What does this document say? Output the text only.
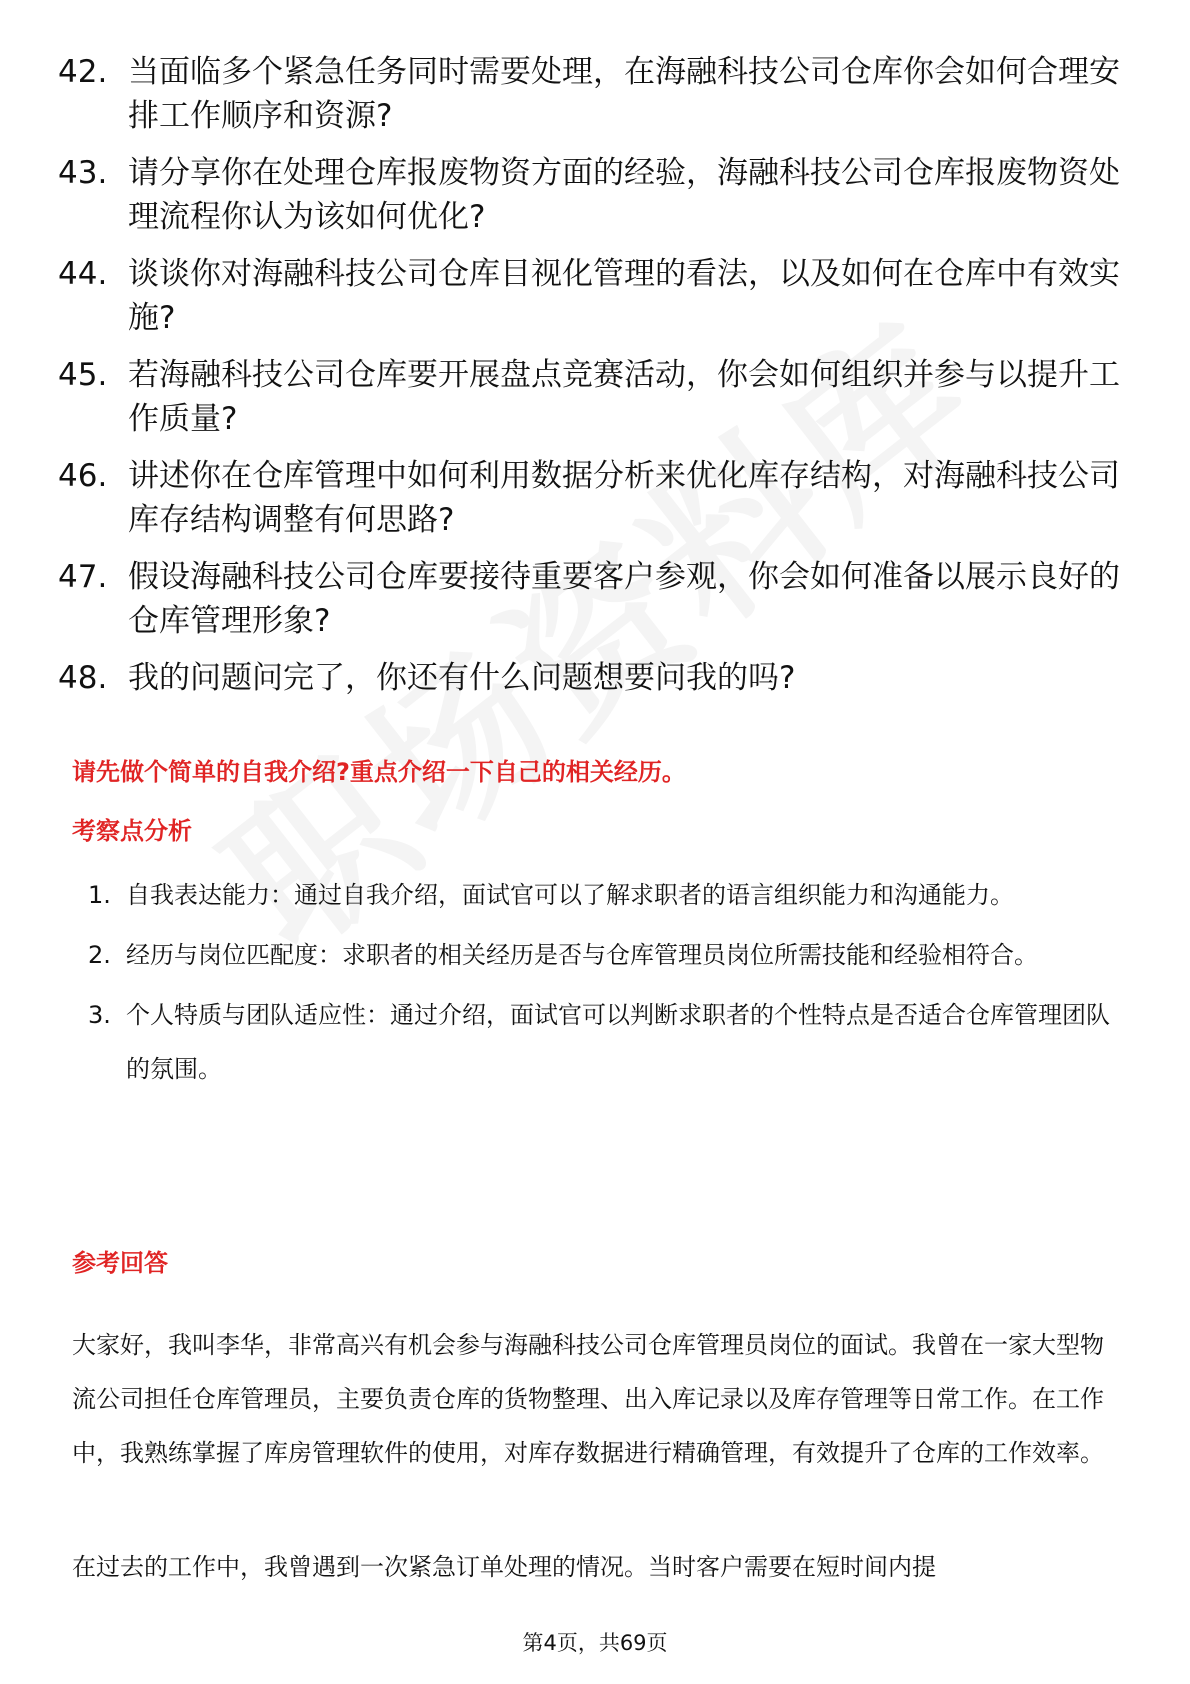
42. 当面临多个紧急任务同时需要处理，在海融科技公司仓库你会如何合理安排工作顺序和资源?
43. 请分享你在处理仓库报废物资方面的经验，海融科技公司仓库报废物资处理流程你认为该如何优化?
44. 谈谈你对海融科技公司仓库目视化管理的看法，以及如何在仓库中有效实施?
45. 若海融科技公司仓库要开展盘点竞赛活动，你会如何组织并参与以提升工作质量?
46. 讲述你在仓库管理中如何利用数据分析来优化库存结构，对海融科技公司库存结构调整有何思路?
47. 假设海融科技公司仓库要接待重要客户参观，你会如何准备以展示良好的仓库管理形象?
48. 我的问题问完了，你还有什么问题想要问我的吗?
请先做个简单的自我介绍?重点介绍一下自己的相关经历。
考察点分析
1. 自我表达能力：通过自我介绍，面试官可以了解求职者的语言组织能力和沟通能力。
2. 经历与岗位匹配度：求职者的相关经历是否与仓库管理员岗位所需技能和经验相符合。
3. 个人特质与团队适应性：通过介绍，面试官可以判断求职者的个性特点是否适合仓库管理团队的氛围。
参考回答

大家好，我叫李华，非常高兴有机会参与海融科技公司仓库管理员岗位的面试。我曾在一家大型物流公司担任仓库管理员，主要负责仓库的货物整理、出入库记录以及库存管理等日常工作。在工作中，我熟练掌握了库房管理软件的使用，对库存数据进行精确管理，有效提升了仓库的工作效率。

在过去的工作中，我曾遇到一次紧急订单处理的情况。当时客户需要在短时间内提

第4页，共69页
